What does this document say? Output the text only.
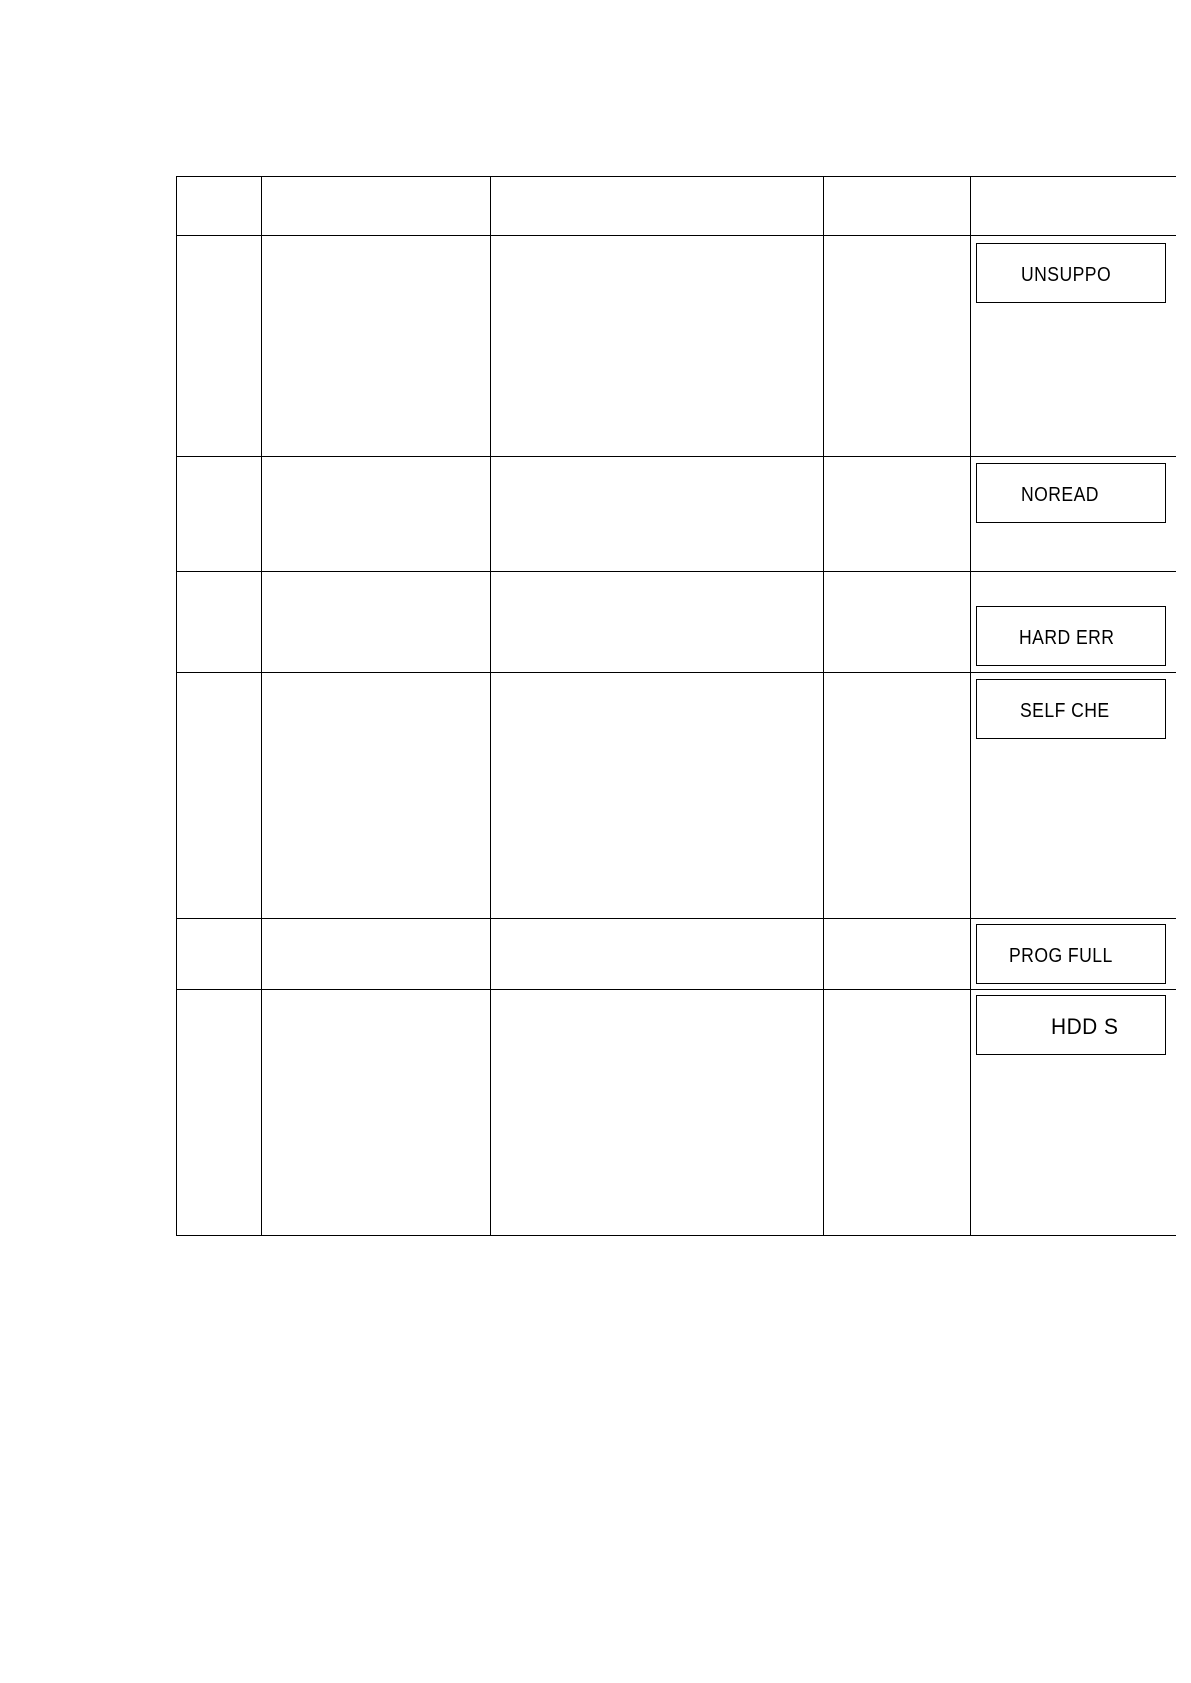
UNSUPPO
NOREAD
HARD ERR
SELF CHE
PROG FULL
HDD S
